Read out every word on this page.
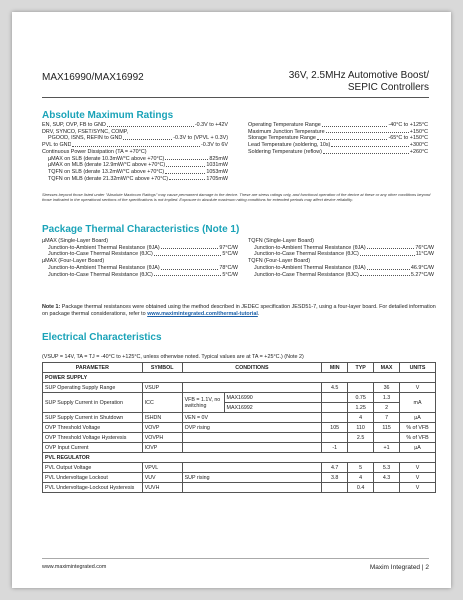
MAX16990/MAX16992	36V, 2.5MHz Automotive Boost/
SEPIC Controllers
Absolute Maximum Ratings
EN, SUP, OVP, FB to GND	-0.3V to +42V
DRV, SYNCO, FSET/SYNC, COMP,
PGOOD, ISNS, REFIN to GND	-0.3V to (VPVL + 0.3V)
PVL to GND	-0.3V to 6V
Continuous Power Dissipation (TA = +70°C)
µMAX on SLB (derate 10.3mW/°C above +70°C)	825mW
µMAX on MLB (derate 12.9mW/°C above +70°C)	1031mW
TQFN on SLB (derate 13.2mW/°C above +70°C)	1053mW
TQFN on MLB (derate 21.32mW/°C above +70°C)	1705mW
Operating Temperature Range	-40°C to +125°C
Maximum Junction Temperature	+150°C
Storage Temperature Range	-65°C to +150°C
Lead Temperature (soldering, 10s)	+300°C
Soldering Temperature (reflow)	+260°C
Stresses beyond those listed under "Absolute Maximum Ratings" may cause permanent damage to the device. These are stress ratings only, and functional operation of the device at these or any other conditions beyond those indicated in the operational sections of the specifications is not implied. Exposure to absolute maximum rating conditions for extended periods may affect device reliability.
Package Thermal Characteristics (Note 1)
µMAX (Single-Layer Board)
Junction-to-Ambient Thermal Resistance (θJA)	97°C/W
Junction-to-Case Thermal Resistance (θJC)	5°C/W
µMAX (Four-Layer Board)
Junction-to-Ambient Thermal Resistance (θJA)	78°C/W
Junction-to-Case Thermal Resistance (θJC)	5°C/W
TQFN (Single-Layer Board)
Junction-to-Ambient Thermal Resistance (θJA)	76°C/W
Junction-to-Case Thermal Resistance (θJC)	11°C/W
TQFN (Four-Layer Board)
Junction-to-Ambient Thermal Resistance (θJA)	46.9°C/W
Junction-to-Case Thermal Resistance (θJC)	5.27°C/W
Note 1: Package thermal resistances were obtained using the method described in JEDEC specification JESD51-7, using a four-layer board. For detailed information on package thermal considerations, refer to www.maximintegrated.com/thermal-tutorial.
Electrical Characteristics
(VSUP = 14V, TA = TJ = -40°C to +125°C, unless otherwise noted. Typical values are at TA = +25°C.) (Note 2)
PARAMETER	SYMBOL	CONDITIONS		MIN	TYP	MAX	UNITS
POWER SUPPLY							
SUP Operating Supply Range	VSUP			4.5		36	V
SUP Supply Current in Operation	ICC	VFB = 1.1V, no switching	MAX16990		0.75	1.3	mA
			MAX16992		1.25	2	
SUP Supply Current in Shutdown	ISHDN	VEN = 0V			4	7	µA
OVP Threshold Voltage	VOVP	OVP rising		105	110	115	% of VFB
OVP Threshold Voltage Hysteresis	VOVPH				2.5		% of VFB
OVP Input Current	IOVP			-1		+1	µA
PVL REGULATOR							
PVL Output Voltage	VPVL			4.7	5	5.3	V
PVL Undervoltage Lockout	VUV	SUP rising		3.8	4	4.3	V
PVL Undervoltage-Lockout Hysteresis	VUVH				0.4		V
www.maximintegrated.com	Maxim Integrated | 2
